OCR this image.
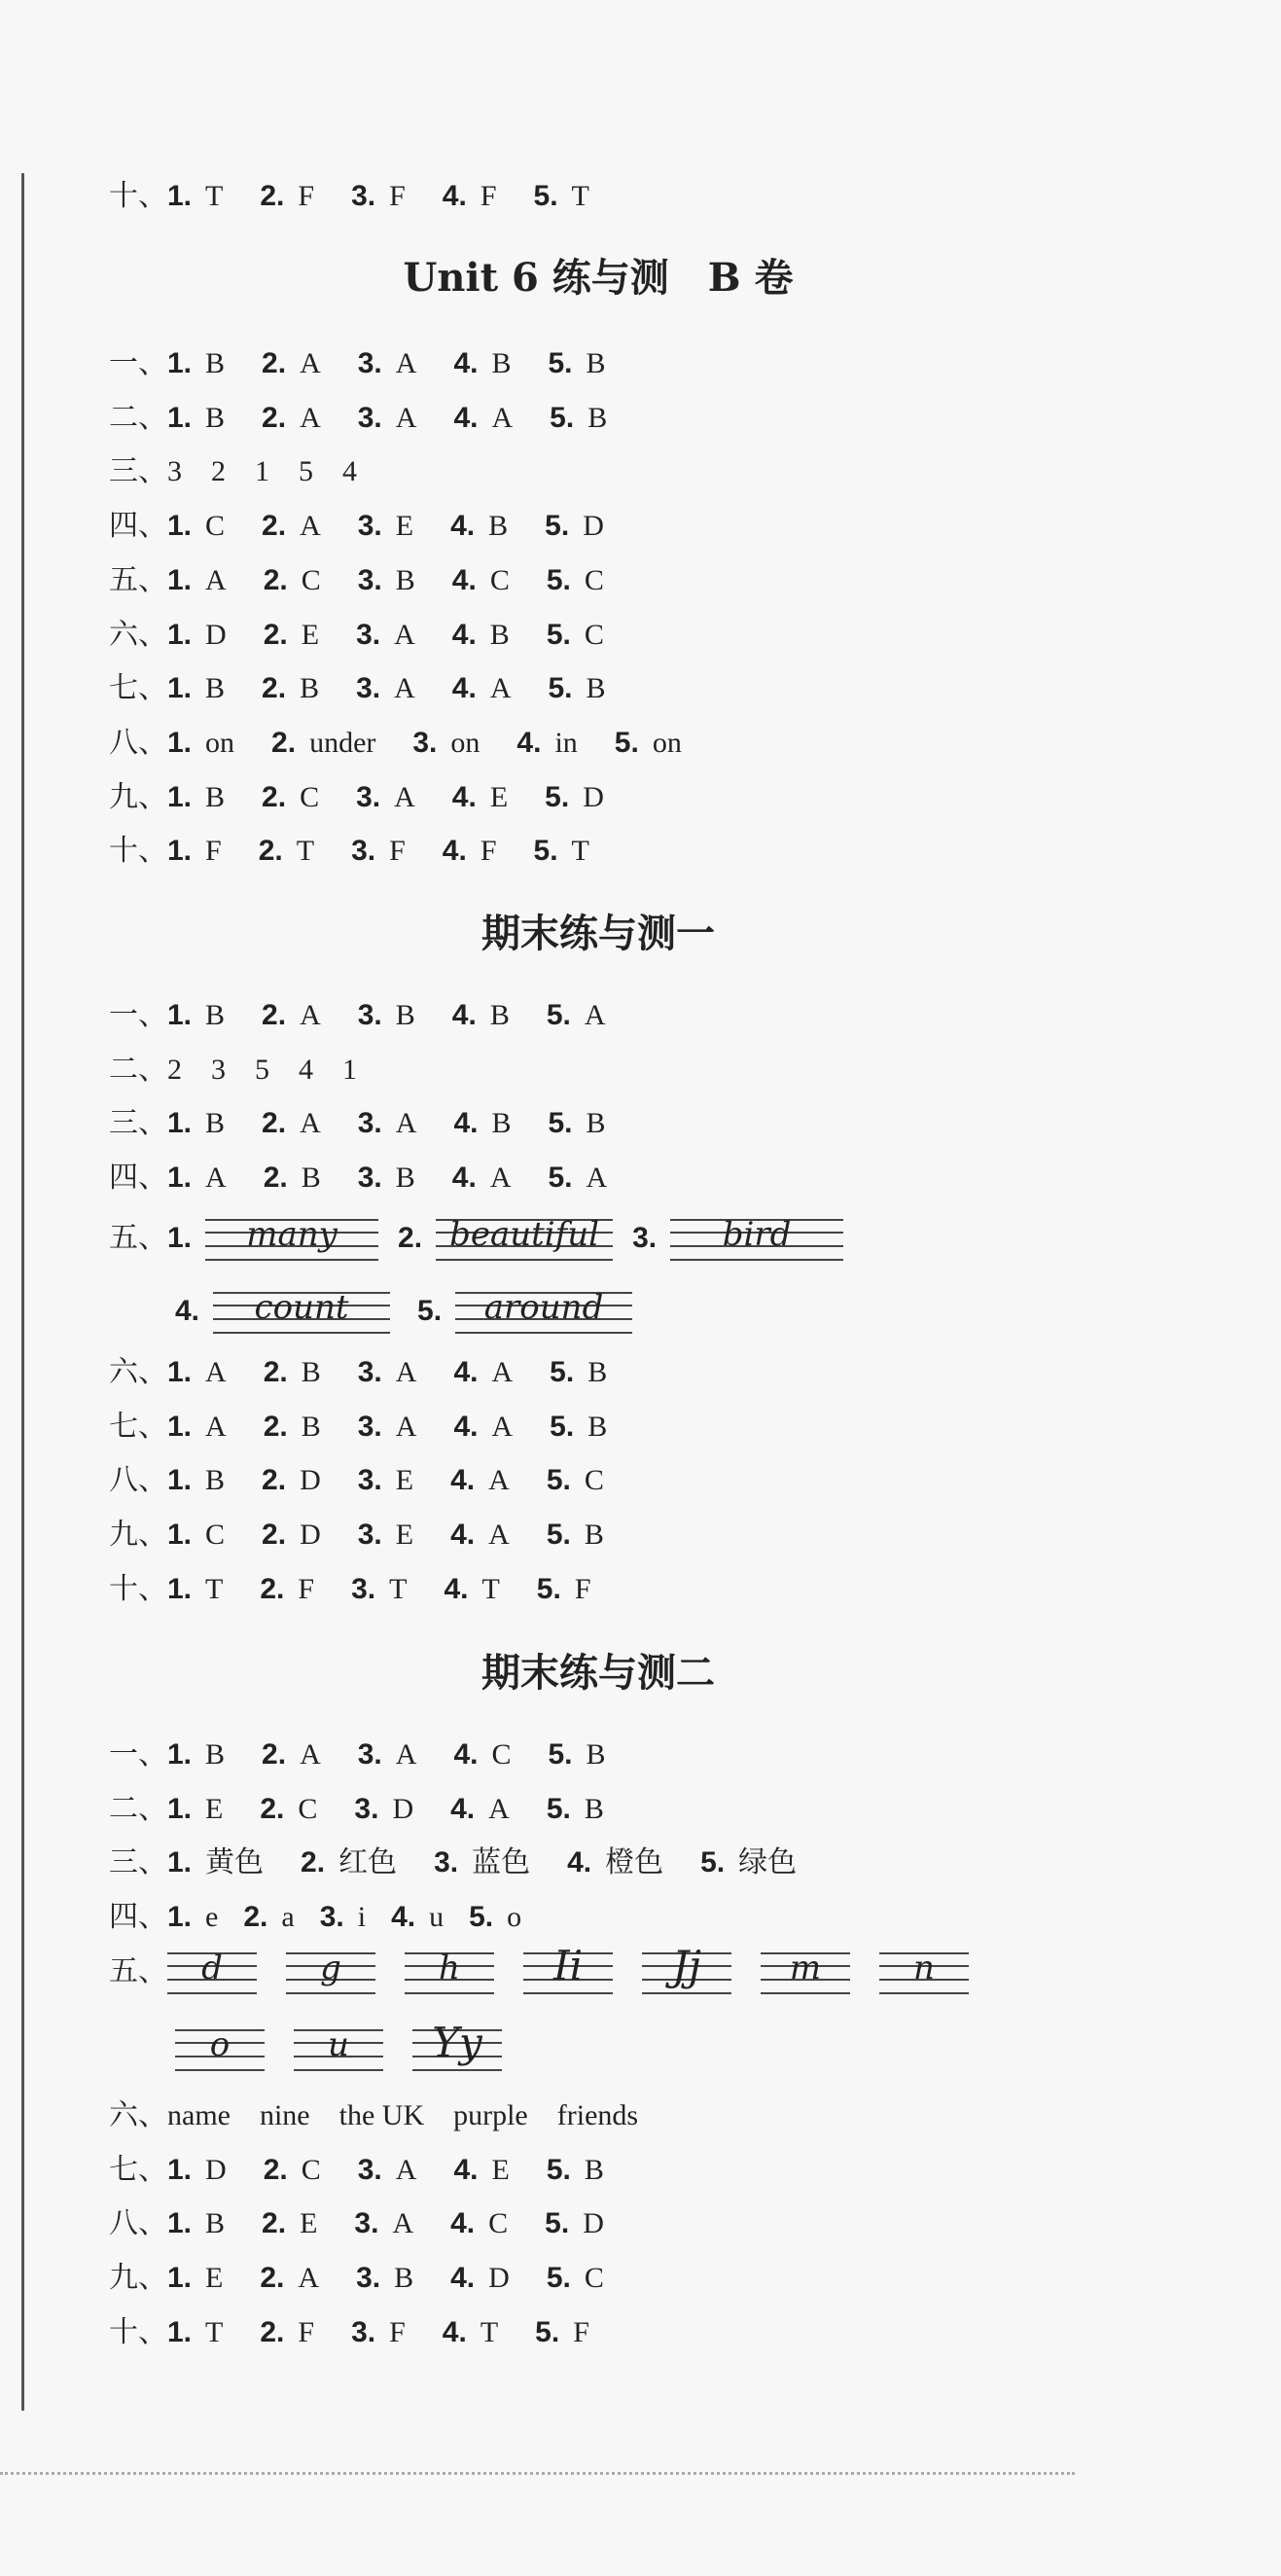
十、1. T 2. F 3. F 4. F 5. T
Unit 6 练与测　B 卷
一、1. B 2. A 3. A 4. B 5. B
二、1. B 2. A 3. A 4. A 5. B
三、3 2 1 5 4
四、1. C 2. A 3. E 4. B 5. D
五、1. A 2. C 3. B 4. C 5. C
六、1. D 2. E 3. A 4. B 5. C
七、1. B 2. B 3. A 4. A 5. B
八、1. on 2. under 3. on 4. in 5. on
九、1. B 2. C 3. A 4. E 5. D
十、1. F 2. T 3. F 4. F 5. T
期末练与测一
一、1. B 2. A 3. B 4. B 5. A
二、2 3 5 4 1
三、1. B 2. A 3. A 4. B 5. B
四、1. A 2. B 3. B 4. A 5. A
五、1.	many	2. beautiful	3.	bird
4.	count	5.	around
六、1. A 2. B 3. A 4. A 5. B
七、1. A 2. B 3. A 4. A 5. B
八、1. B 2. D 3. E 4. A 5. C
九、1. C 2. D 3. E 4. A 5. B
十、1. T 2. F 3. T 4. T 5. F
期末练与测二
一、1. B 2. A 3. A 4. C 5. B
二、1. E 2. C 3. D 4. A 5. B
三、1. 黄色 2. 红色 3. 蓝色 4. 橙色 5. 绿色
四、1. e 2. a 3. i 4. u 5. o
五、	d	g	h	Ii	Jj	m	n
o	u	Yy
六、name nine the UK purple friends
七、1. D 2. C 3. A 4. E 5. B
八、1. B 2. E 3. A 4. C 5. D
九、1. E 2. A 3. B 4. D 5. C
十、1. T 2. F 3. F 4. T 5. F
